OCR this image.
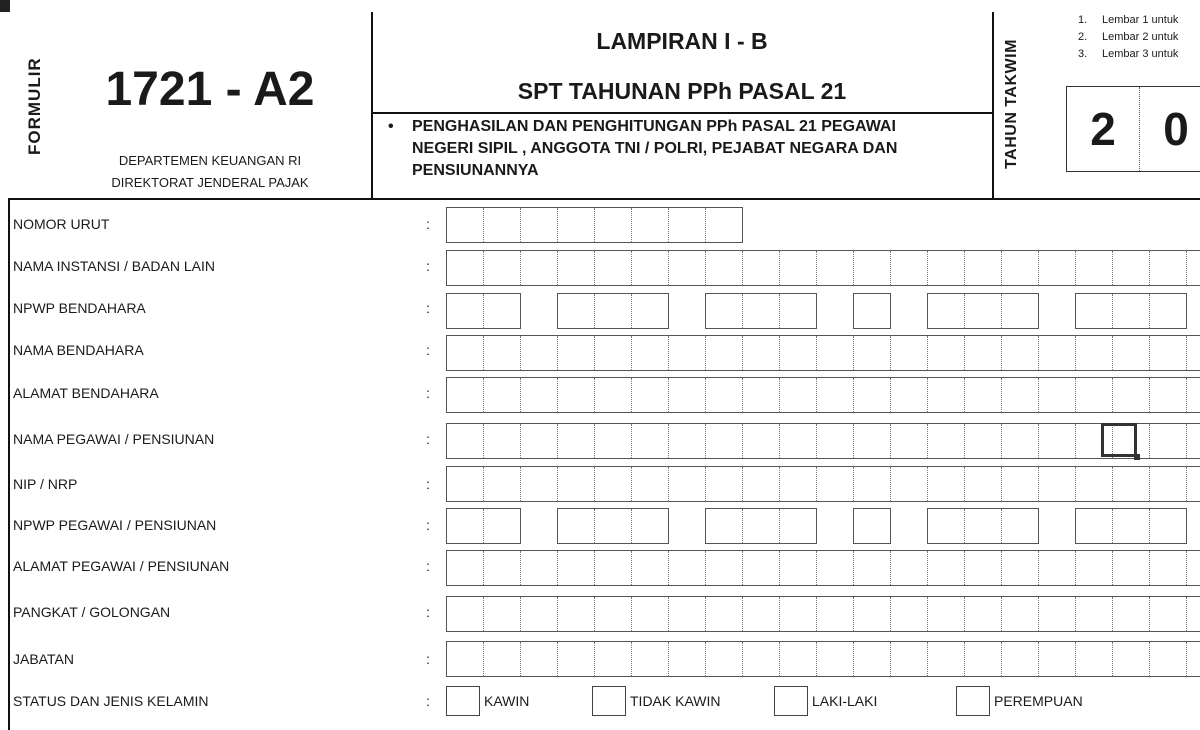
FORMULIR	1721 - A2
DEPARTEMEN KEUANGAN RI
DIREKTORAT JENDERAL PAJAK
LAMPIRAN I - B
SPT TAHUNAN PPh PASAL 21
• PENGHASILAN DAN PENGHITUNGAN PPh PASAL 21 PEGAWAI
NEGERI SIPIL , ANGGOTA TNI / POLRI, PEJABAT NEGARA DAN
PENSIUNANNYA
TAHUN TAKWIM
1. Lembar 1 untuk
2. Lembar 2 untuk
3. Lembar 3 untuk
2	0
NOMOR URUT	:
NAMA INSTANSI / BADAN LAIN	:
NPWP BENDAHARA	:
NAMA BENDAHARA	:
ALAMAT BENDAHARA	:
NAMA PEGAWAI / PENSIUNAN	:
NIP / NRP	:
NPWP PEGAWAI / PENSIUNAN	:
ALAMAT PEGAWAI / PENSIUNAN	:
PANGKAT / GOLONGAN	:
JABATAN	:
STATUS DAN JENIS KELAMIN	:	KAWIN	TIDAK KAWIN	LAKI-LAKI	PEREMPUAN
